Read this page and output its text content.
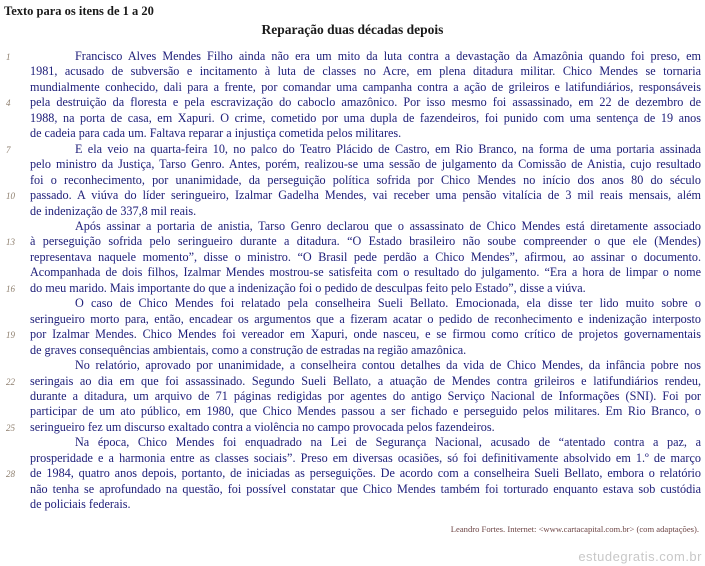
Texto para os itens de 1 a 20
Reparação duas décadas depois
1	Francisco Alves Mendes Filho ainda não era um mito da luta contra a devastação da Amazônia quando foi preso, em
1981, acusado de subversão e incitamento à luta de classes no Acre, em plena ditadura militar. Chico Mendes se tornaria
mundialmente conhecido, dali para a frente, por comandar uma campanha contra a ação de grileiros e latifundiários, responsáveis
4	pela destruição da floresta e pela escravização do caboclo amazônico. Por isso mesmo foi assassinado, em 22 de dezembro de
1988, na porta de casa, em Xapuri. O crime, cometido por uma dupla de fazendeiros, foi punido com uma sentença de 19 anos
de cadeia para cada um. Faltava reparar a injustiça cometida pelos militares.
7	E ela veio na quarta-feira 10, no palco do Teatro Plácido de Castro, em Rio Branco, na forma de uma portaria assinada
pelo ministro da Justiça, Tarso Genro. Antes, porém, realizou-se uma sessão de julgamento da Comissão de Anistia, cujo resultado
foi o reconhecimento, por unanimidade, da perseguição política sofrida por Chico Mendes no início dos anos 80 do século
10	passado. A viúva do líder seringueiro, Izalmar Gadelha Mendes, vai receber uma pensão vitalícia de 3 mil reais mensais, além
de indenização de 337,8 mil reais.
Após assinar a portaria de anistia, Tarso Genro declarou que o assassinato de Chico Mendes está diretamente associado
13	à perseguição sofrida pelo seringueiro durante a ditadura. “O Estado brasileiro não soube compreender o que ele (Mendes)
representava naquele momento”, disse o ministro. “O Brasil pede perdão a Chico Mendes”, afirmou, ao assinar o documento.
Acompanhada de dois filhos, Izalmar Mendes mostrou-se satisfeita com o resultado do julgamento. “Era a hora de limpar o nome
16	do meu marido. Mais importante do que a indenização foi o pedido de desculpas feito pelo Estado”, disse a viúva.
O caso de Chico Mendes foi relatado pela conselheira Sueli Bellato. Emocionada, ela disse ter lido muito sobre o
seringueiro morto para, então, encadear os argumentos que a fizeram acatar o pedido de reconhecimento e indenização interposto
19	por Izalmar Mendes. Chico Mendes foi vereador em Xapuri, onde nasceu, e se firmou como crítico de projetos governamentais
de graves consequências ambientais, como a construção de estradas na região amazônica.
No relatório, aprovado por unanimidade, a conselheira contou detalhes da vida de Chico Mendes, da infância pobre nos
22	seringais ao dia em que foi assassinado. Segundo Sueli Bellato, a atuação de Mendes contra grileiros e latifundiários rendeu,
durante a ditadura, um arquivo de 71 páginas redigidas por agentes do antigo Serviço Nacional de Informações (SNI). Foi por
participar de um ato público, em 1980, que Chico Mendes passou a ser fichado e perseguido pelos militares. Em Rio Branco, o
25	seringueiro fez um discurso exaltado contra a violência no campo provocada pelos fazendeiros.
Na época, Chico Mendes foi enquadrado na Lei de Segurança Nacional, acusado de “atentado contra a paz, a
prosperidade e a harmonia entre as classes sociais”. Preso em diversas ocasiões, só foi definitivamente absolvido em 1.º de março
28	de 1984, quatro anos depois, portanto, de iniciadas as perseguições. De acordo com a conselheira Sueli Bellato, embora o relatório
não tenha se aprofundado na questão, foi possível constatar que Chico Mendes também foi torturado enquanto estava sob custódia
de policiais federais.
Leandro Fortes. Internet: <www.cartacapital.com.br> (com adaptações).
estudegratis.com.br
